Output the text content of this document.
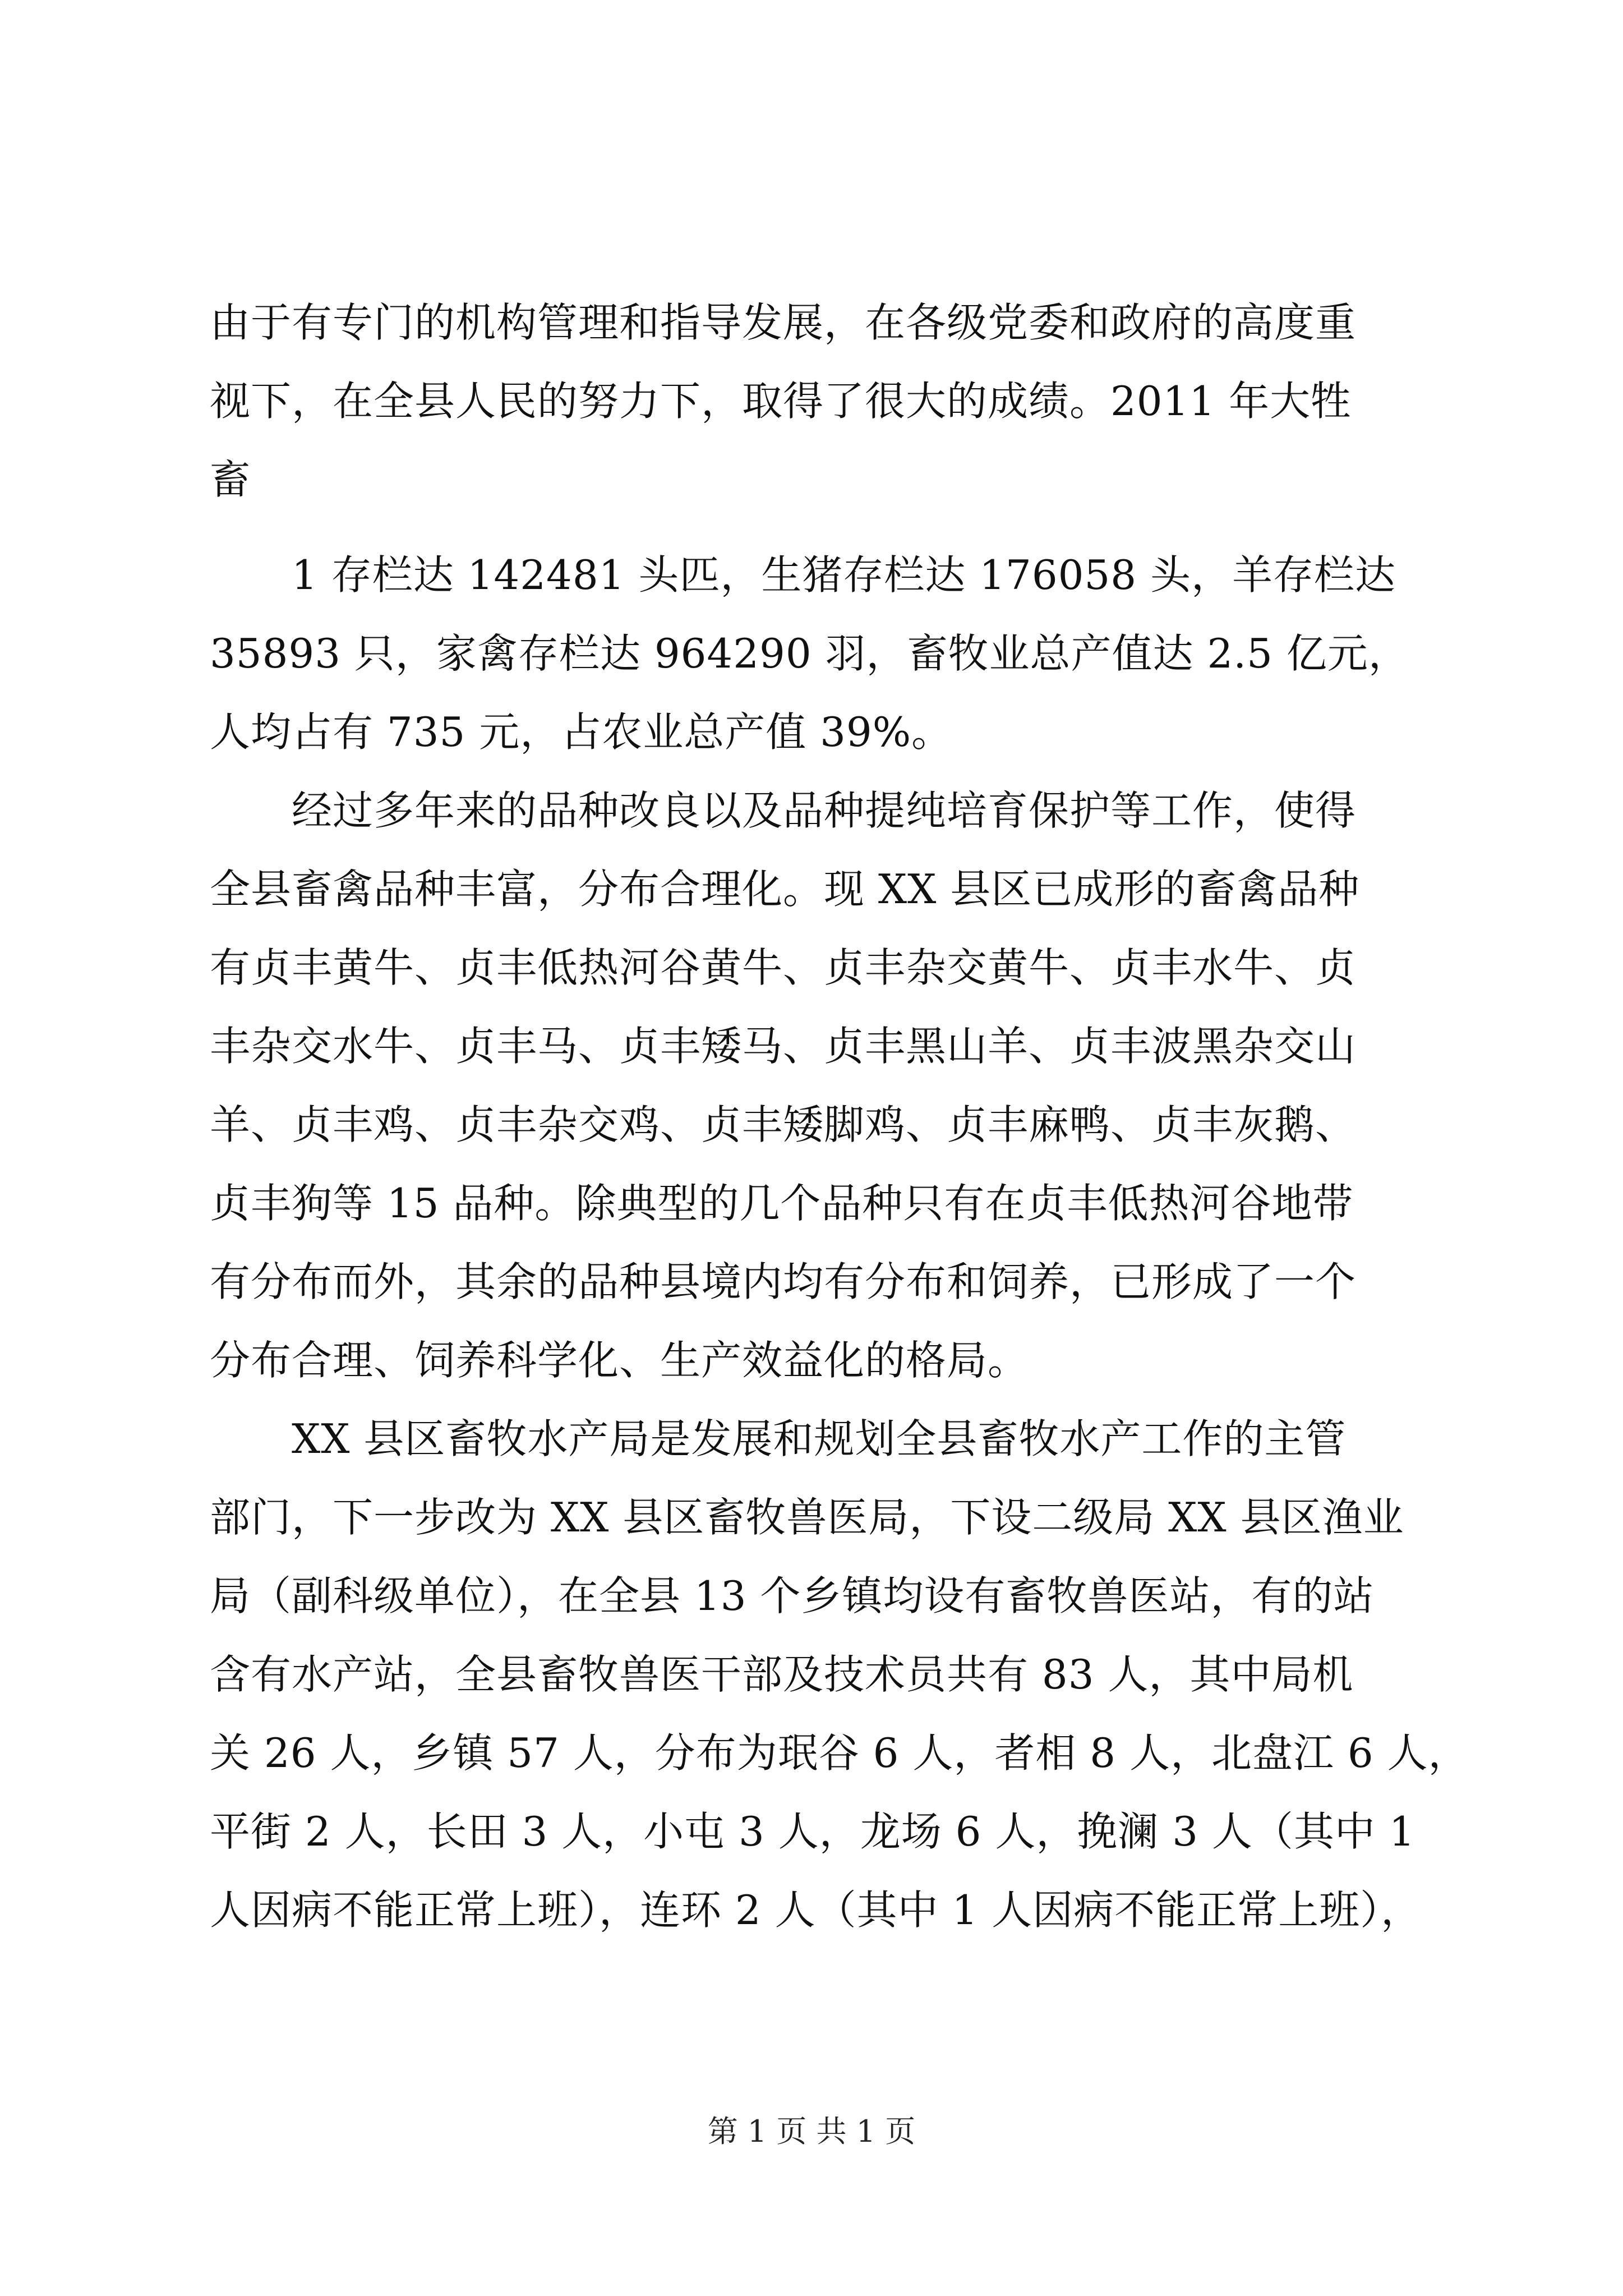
由于有专门的机构管理和指导发展，在各级党委和政府的高度重
视下，在全县人民的努力下，取得了很大的成绩。2011 年大牲
畜
　　1 存栏达 142481 头匹，生猪存栏达 176058 头，羊存栏达
35893 只，家禽存栏达 964290 羽，畜牧业总产值达 2.5 亿元，
人均占有 735 元，占农业总产值 39%。
　　经过多年来的品种改良以及品种提纯培育保护等工作，使得
全县畜禽品种丰富，分布合理化。现 XX 县区已成形的畜禽品种
有贞丰黄牛、贞丰低热河谷黄牛、贞丰杂交黄牛、贞丰水牛、贞
丰杂交水牛、贞丰马、贞丰矮马、贞丰黑山羊、贞丰波黑杂交山
羊、贞丰鸡、贞丰杂交鸡、贞丰矮脚鸡、贞丰麻鸭、贞丰灰鹅、
贞丰狗等 15 品种。除典型的几个品种只有在贞丰低热河谷地带
有分布而外，其余的品种县境内均有分布和饲养，已形成了一个
分布合理、饲养科学化、生产效益化的格局。
　　XX 县区畜牧水产局是发展和规划全县畜牧水产工作的主管
部门，下一步改为 XX 县区畜牧兽医局，下设二级局 XX 县区渔业
局（副科级单位），在全县 13 个乡镇均设有畜牧兽医站，有的站
含有水产站，全县畜牧兽医干部及技术员共有 83 人，其中局机
关 26 人，乡镇 57 人，分布为珉谷 6 人，者相 8 人，北盘江 6 人，
平街 2 人，长田 3 人，小屯 3 人，龙场 6 人，挽澜 3 人（其中 1
人因病不能正常上班），连环 2 人（其中 1 人因病不能正常上班），
第 1 页 共 1 页
